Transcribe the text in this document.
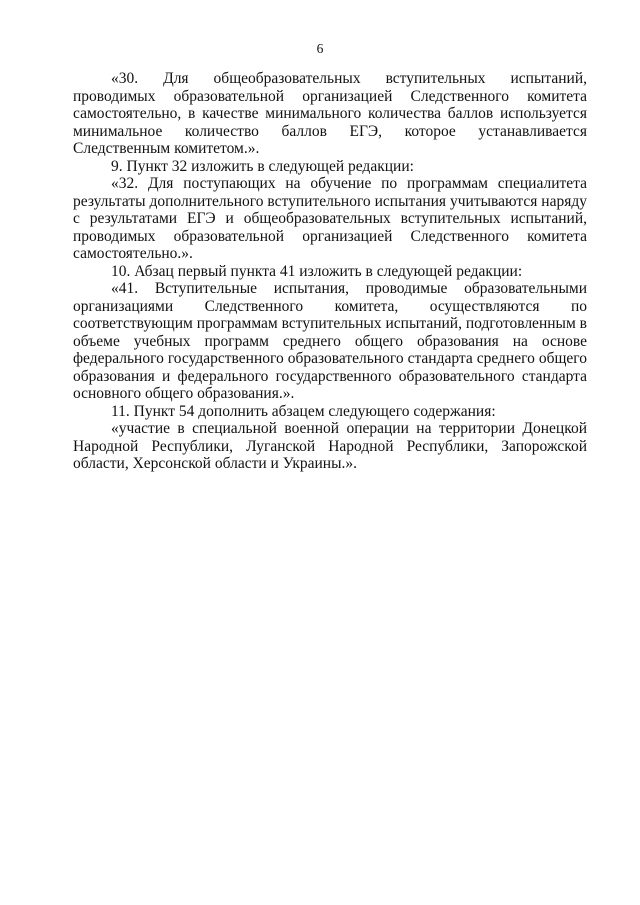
6

«30. Для общеобразовательных вступительных испытаний, проводимых образовательной организацией Следственного комитета самостоятельно, в качестве минимального количества баллов используется минимальное количество баллов ЕГЭ, которое устанавливается Следственным комитетом.».

9. Пункт 32 изложить в следующей редакции:

«32. Для поступающих на обучение по программам специалитета результаты дополнительного вступительного испытания учитываются наряду с результатами ЕГЭ и общеобразовательных вступительных испытаний, проводимых образовательной организацией Следственного комитета самостоятельно.».

10. Абзац первый пункта 41 изложить в следующей редакции:

«41. Вступительные испытания, проводимые образовательными организациями Следственного комитета, осуществляются по соответствующим программам вступительных испытаний, подготовленным в объеме учебных программ среднего общего образования на основе федерального государственного образовательного стандарта среднего общего образования и федерального государственного образовательного стандарта основного общего образования.».

11. Пункт 54 дополнить абзацем следующего содержания:

«участие в специальной военной операции на территории Донецкой Народной Республики, Луганской Народной Республики, Запорожской области, Херсонской области и Украины.».
